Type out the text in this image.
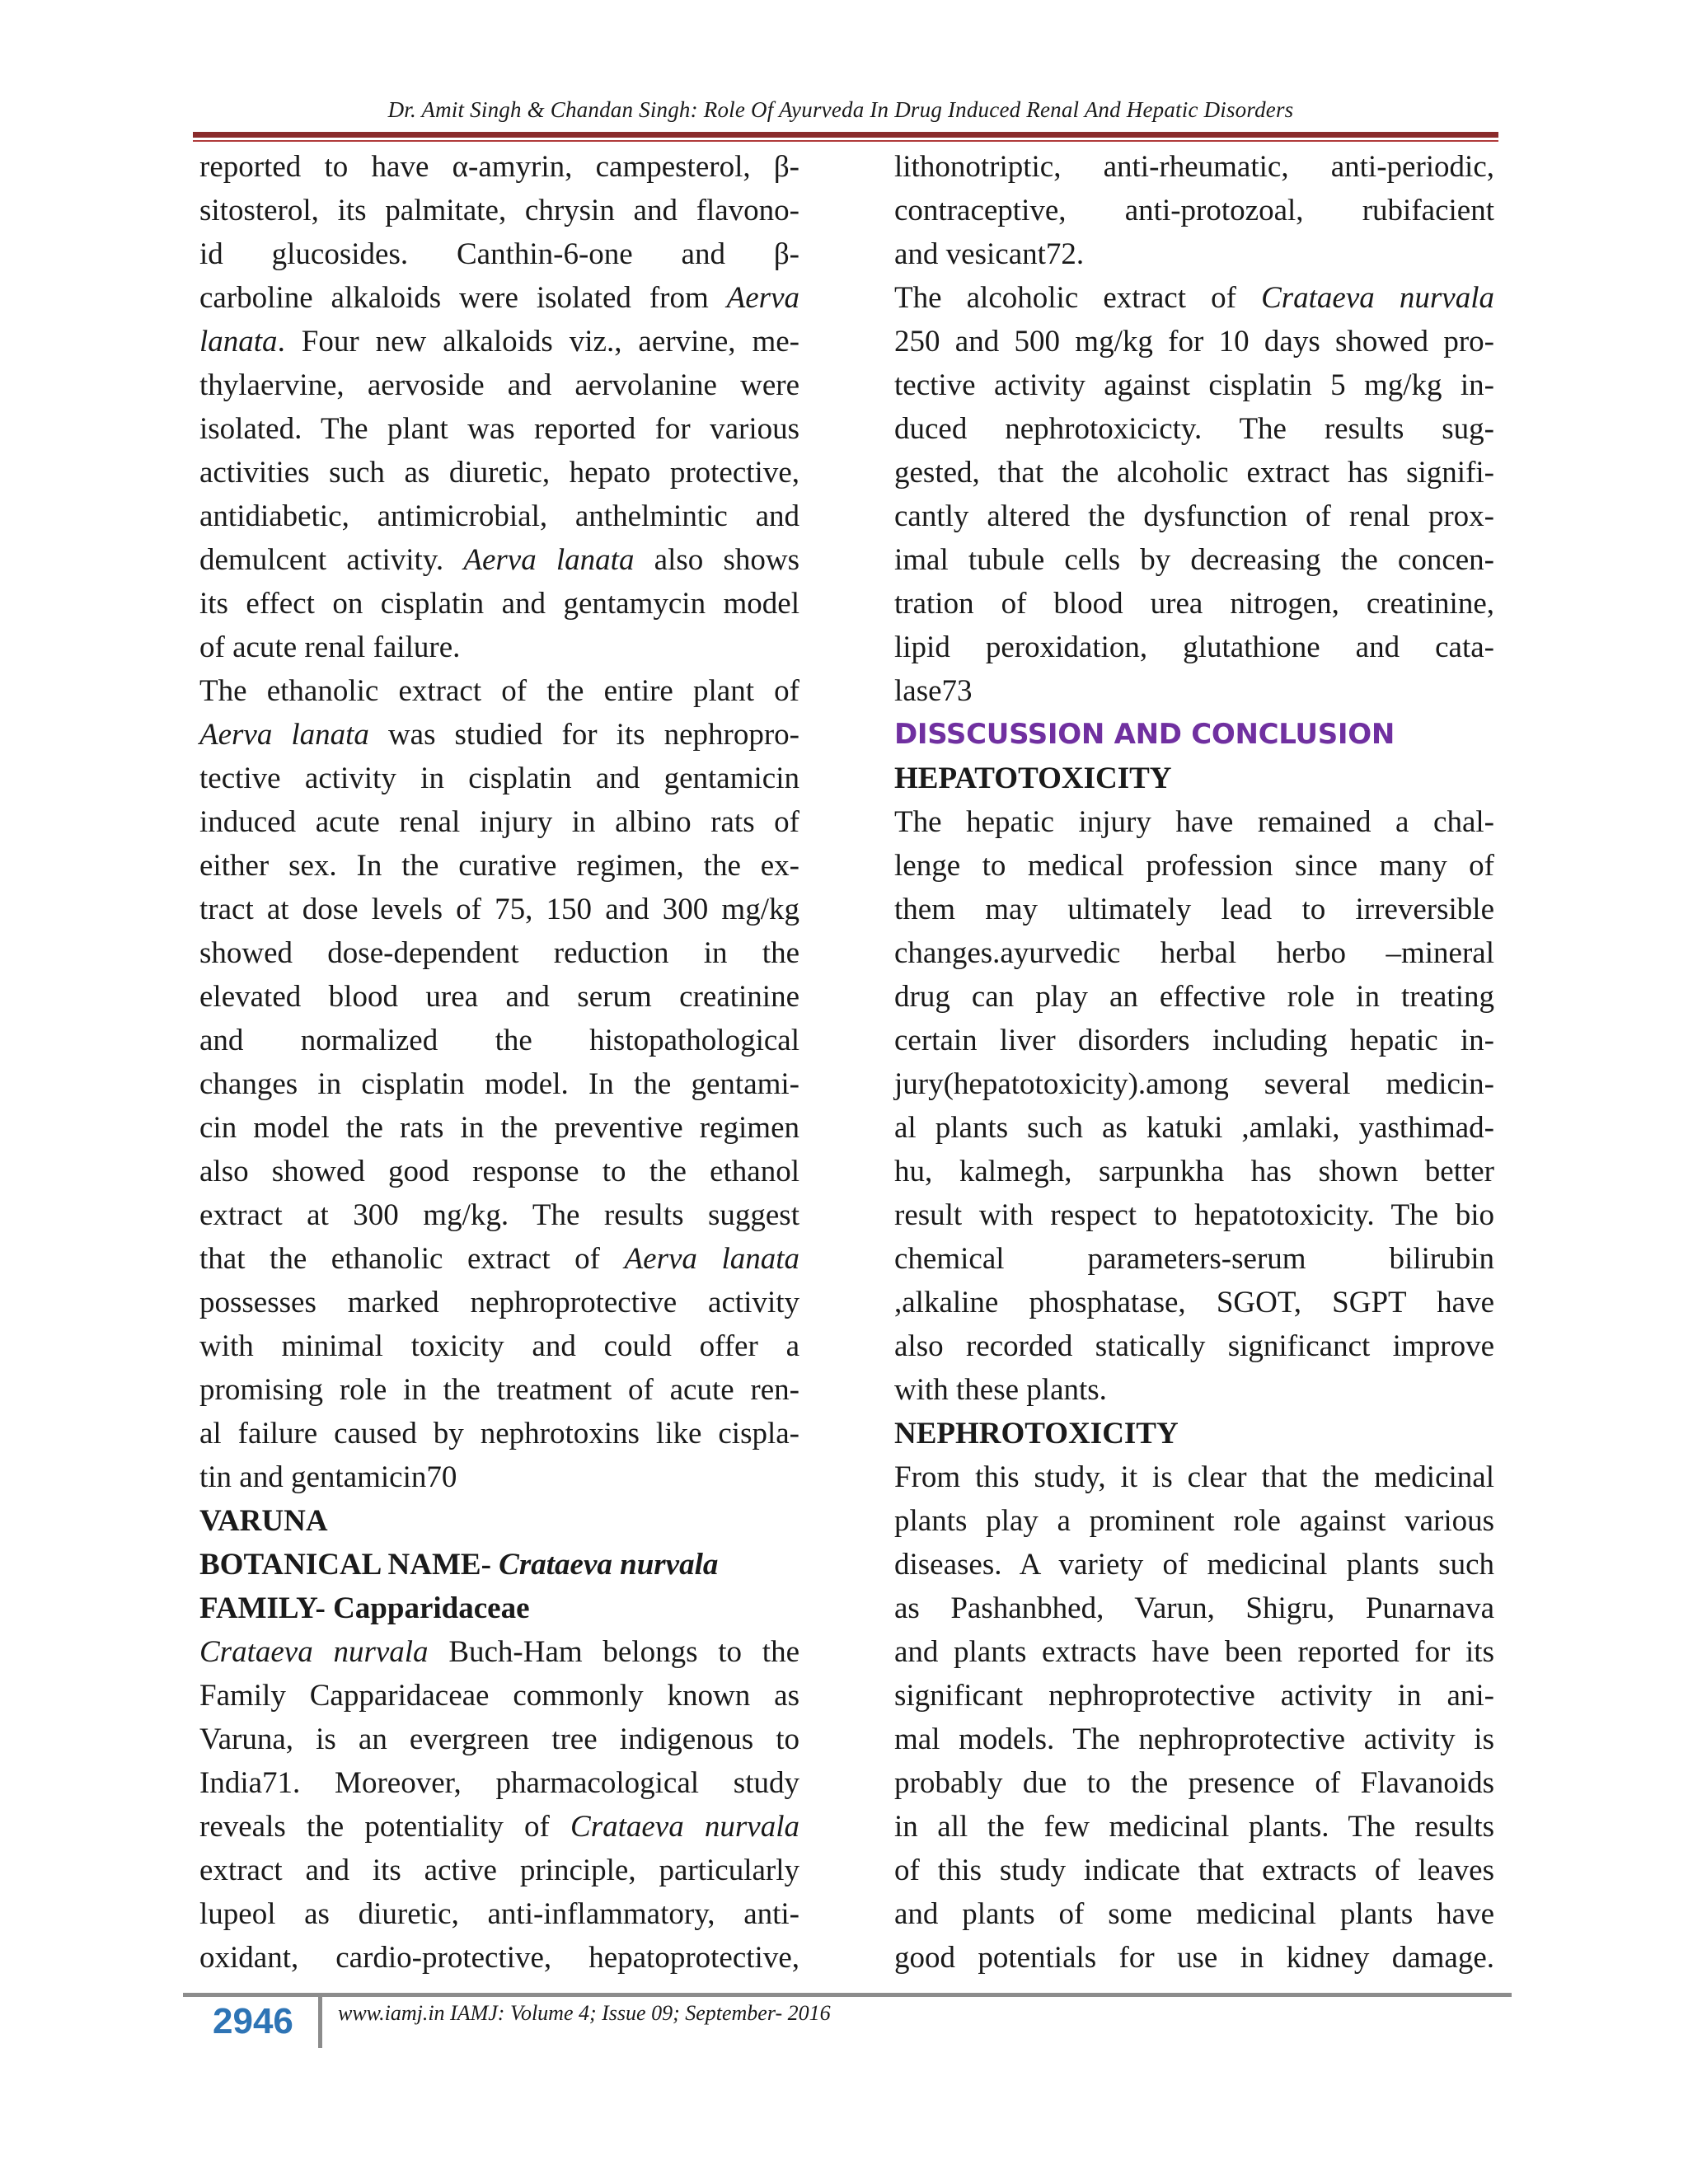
Dr. Amit Singh & Chandan Singh: Role Of Ayurveda In Drug Induced Renal And Hepatic Disorders
reported to have α-amyrin, campesterol, β-
sitosterol, its palmitate, chrysin and flavono-
id glucosides. Canthin-6-one and β-
carboline alkaloids were isolated from Aerva
lanata. Four new alkaloids viz., aervine, me-
thylaervine, aervoside and aervolanine were
isolated. The plant was reported for various
activities such as diuretic, hepato protective,
antidiabetic, antimicrobial, anthelmintic and
demulcent activity. Aerva lanata also shows
its effect on cisplatin and gentamycin model
of acute renal failure.
The ethanolic extract of the entire plant of
Aerva lanata was studied for its nephropro-
tective activity in cisplatin and gentamicin
induced acute renal injury in albino rats of
either sex. In the curative regimen, the ex-
tract at dose levels of 75, 150 and 300 mg/kg
showed dose-dependent reduction in the
elevated blood urea and serum creatinine
and normalized the histopathological
changes in cisplatin model. In the gentami-
cin model the rats in the preventive regimen
also showed good response to the ethanol
extract at 300 mg/kg. The results suggest
that the ethanolic extract of Aerva lanata
possesses marked nephroprotective activity
with minimal toxicity and could offer a
promising role in the treatment of acute ren-
al failure caused by nephrotoxins like cispla-
tin and gentamicin70
VARUNA
BOTANICAL NAME- Crataeva nurvala
FAMILY- Capparidaceae
Crataeva nurvala Buch-Ham belongs to the
Family Capparidaceae commonly known as
Varuna, is an evergreen tree indigenous to
India71. Moreover, pharmacological study
reveals the potentiality of Crataeva nurvala
extract and its active principle, particularly
lupeol as diuretic, anti-inflammatory, anti-
oxidant, cardio-protective, hepatoprotective,
lithonotriptic, anti-rheumatic, anti-periodic,
contraceptive, anti-protozoal, rubifacient
and vesicant72.
The alcoholic extract of Crataeva nurvala
250 and 500 mg/kg for 10 days showed pro-
tective activity against cisplatin 5 mg/kg in-
duced nephrotoxicicty. The results sug-
gested, that the alcoholic extract has signifi-
cantly altered the dysfunction of renal prox-
imal tubule cells by decreasing the concen-
tration of blood urea nitrogen, creatinine,
lipid peroxidation, glutathione and cata-
lase73
DISSCUSSION AND CONCLUSION
HEPATOTOXICITY
The hepatic injury have remained a chal-
lenge to medical profession since many of
them may ultimately lead to irreversible
changes.ayurvedic herbal herbo –mineral
drug can play an effective role in treating
certain liver disorders including hepatic in-
jury(hepatotoxicity).among several medicin-
al plants such as katuki ,amlaki, yasthimad-
hu, kalmegh, sarpunkha has shown better
result with respect to hepatotoxicity. The bio
chemical parameters-serum bilirubin
,alkaline phosphatase, SGOT, SGPT have
also recorded statically significanct improve
with these plants.
NEPHROTOXICITY
From this study, it is clear that the medicinal
plants play a prominent role against various
diseases. A variety of medicinal plants such
as Pashanbhed, Varun, Shigru, Punarnava
and plants extracts have been reported for its
significant nephroprotective activity in ani-
mal models. The nephroprotective activity is
probably due to the presence of Flavanoids
in all the few medicinal plants. The results
of this study indicate that extracts of leaves
and plants of some medicinal plants have
good potentials for use in kidney damage.
2946 www.iamj.in IAMJ: Volume 4; Issue 09; September- 2016
